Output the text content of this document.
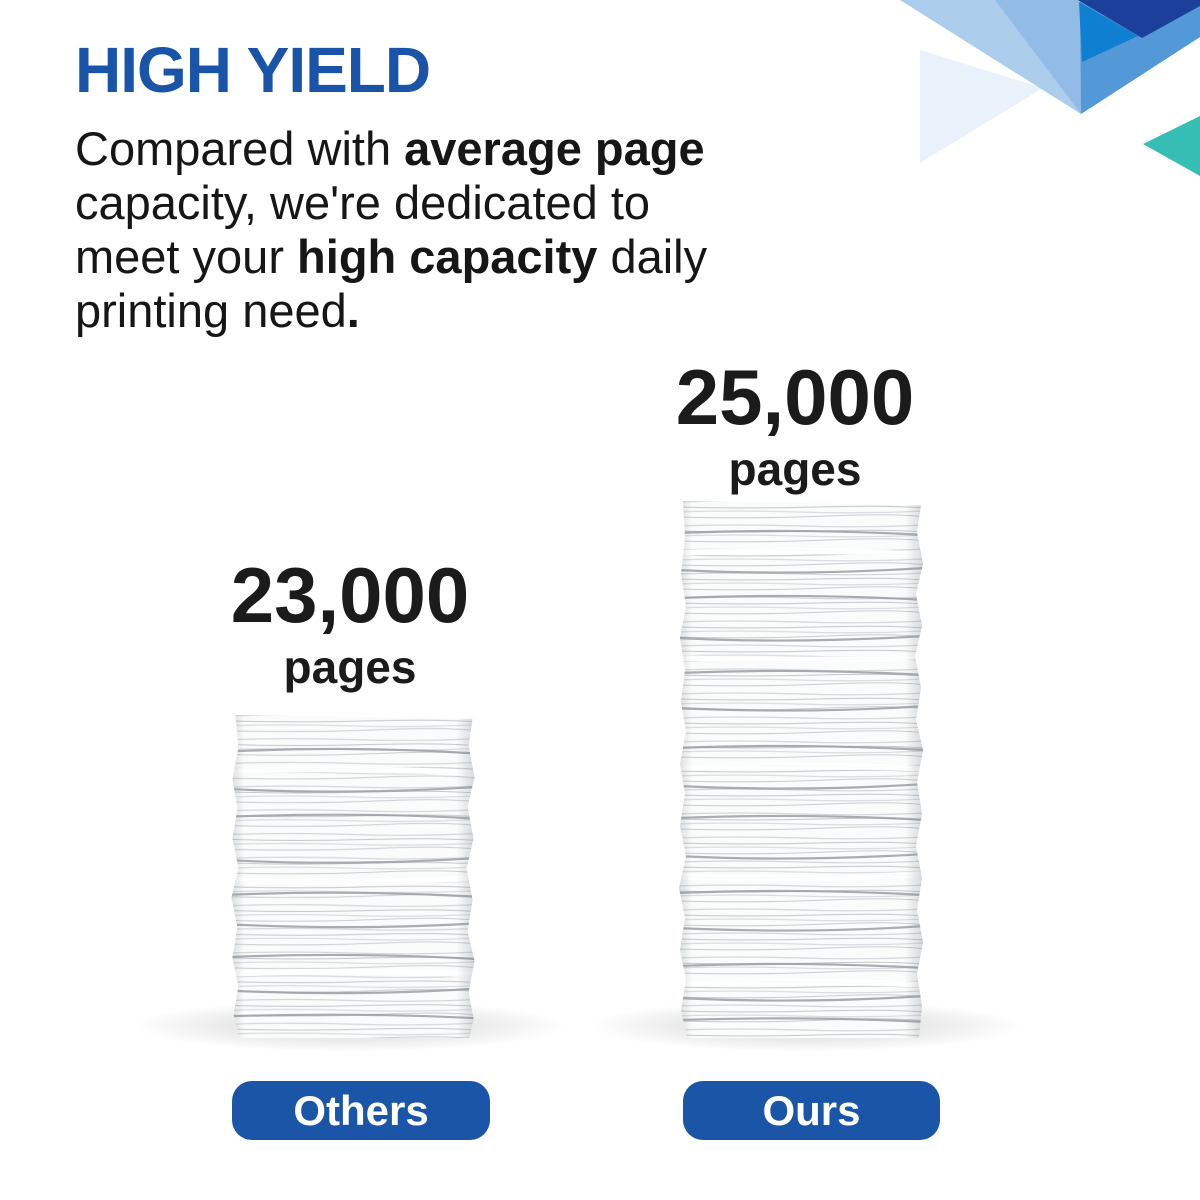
HIGH YIELD
Compared with average page
capacity, we're dedicated to
meet your high capacity daily
printing need.
23,000
pages
25,000
pages
Others	Ours
